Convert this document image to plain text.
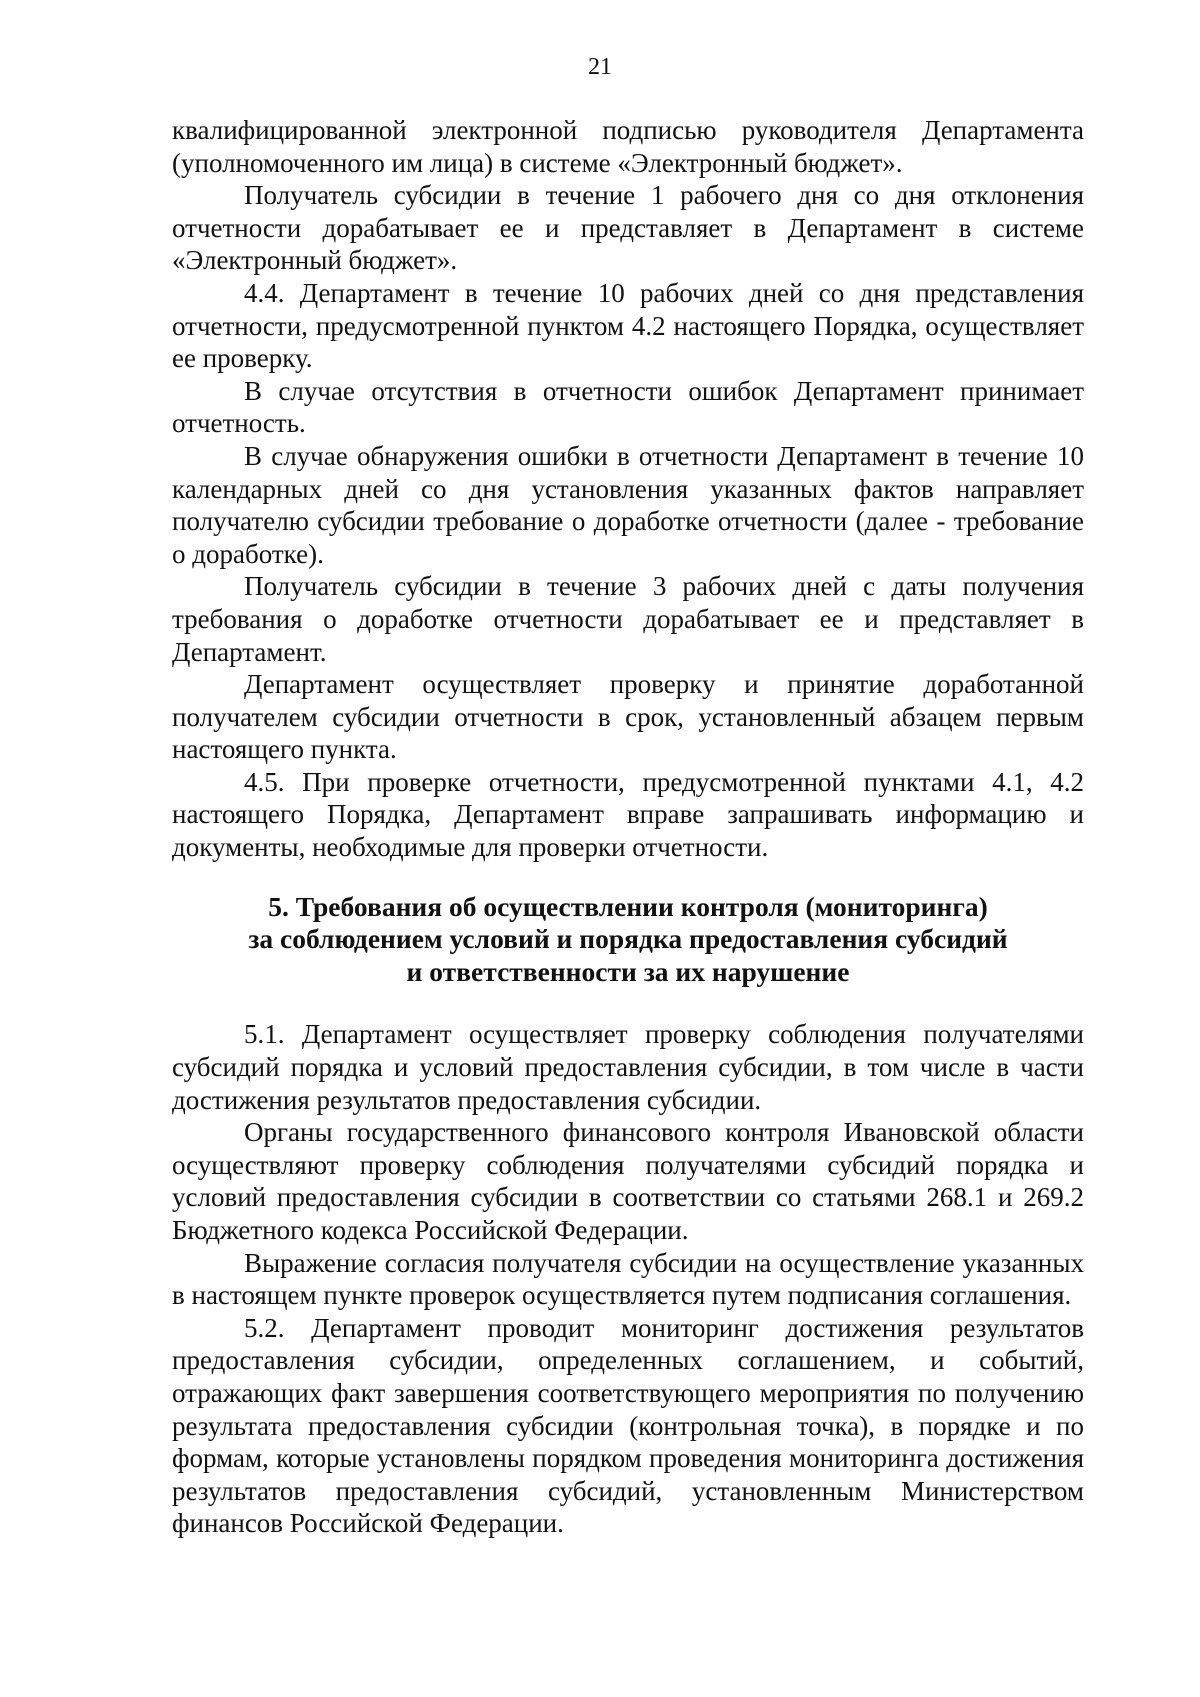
21

квалифицированной электронной подписью руководителя Департамента (уполномоченного им лица) в системе «Электронный бюджет».

Получатель субсидии в течение 1 рабочего дня со дня отклонения отчетности дорабатывает ее и представляет в Департамент в системе «Электронный бюджет».

4.4. Департамент в течение 10 рабочих дней со дня представления отчетности, предусмотренной пунктом 4.2 настоящего Порядка, осуществляет ее проверку.

В случае отсутствия в отчетности ошибок Департамент принимает отчетность.

В случае обнаружения ошибки в отчетности Департамент в течение 10 календарных дней со дня установления указанных фактов направляет получателю субсидии требование о доработке отчетности (далее - требование о доработке).

Получатель субсидии в течение 3 рабочих дней с даты получения требования о доработке отчетности дорабатывает ее и представляет в Департамент.

Департамент осуществляет проверку и принятие доработанной получателем субсидии отчетности в срок, установленный абзацем первым настоящего пункта.

4.5. При проверке отчетности, предусмотренной пунктами 4.1, 4.2 настоящего Порядка, Департамент вправе запрашивать информацию и документы, необходимые для проверки отчетности.

5. Требования об осуществлении контроля (мониторинга)
за соблюдением условий и порядка предоставления субсидий
и ответственности за их нарушение

5.1. Департамент осуществляет проверку соблюдения получателями субсидий порядка и условий предоставления субсидии, в том числе в части достижения результатов предоставления субсидии.

Органы государственного финансового контроля Ивановской области осуществляют проверку соблюдения получателями субсидий порядка и условий предоставления субсидии в соответствии со статьями 268.1 и 269.2 Бюджетного кодекса Российской Федерации.

Выражение согласия получателя субсидии на осуществление указанных в настоящем пункте проверок осуществляется путем подписания соглашения.

5.2. Департамент проводит мониторинг достижения результатов предоставления субсидии, определенных соглашением, и событий, отражающих факт завершения соответствующего мероприятия по получению результата предоставления субсидии (контрольная точка), в порядке и по формам, которые установлены порядком проведения мониторинга достижения результатов предоставления субсидий, установленным Министерством финансов Российской Федерации.
